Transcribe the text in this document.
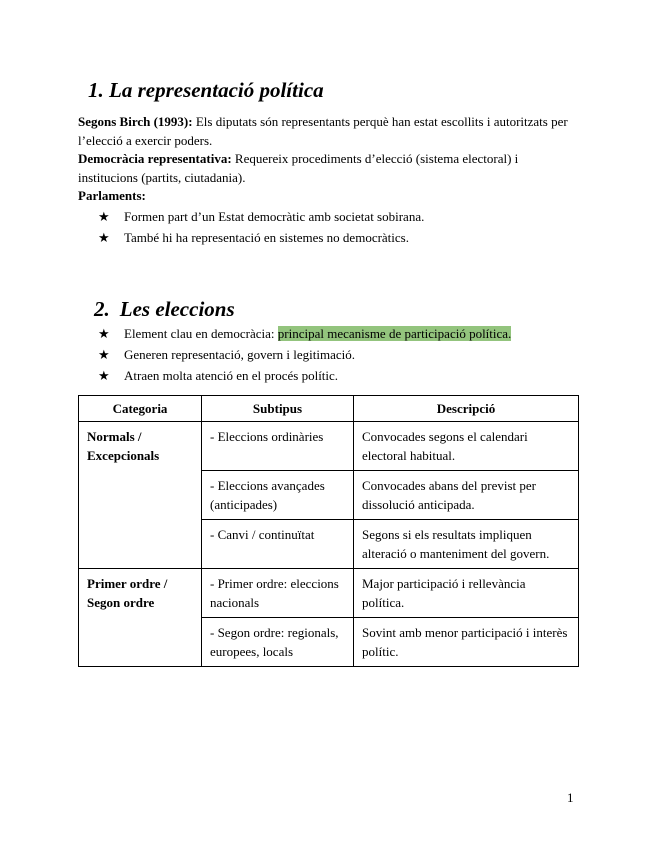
1. La representació política

Segons Birch (1993): Els diputats són representants perquè han estat escollits i autoritzats per l’elecció a exercir poders.

Democràcia representativa: Requereix procediments d’elecció (sistema electoral) i institucions (partits, ciutadania).

Parlaments:

★	Formen part d’un Estat democràtic amb societat sobirana.
★	També hi ha representació en sistemes no democràtics.
2. Les eleccions
★	Element clau en democràcia: principal mecanisme de participació política.
★	Generen representació, govern i legitimació.
★	Atraen molta atenció en el procés polític.
Categoria	Subtipus	Descripció
Normals / Excepcionals	- Eleccions ordinàries	Convocades segons el calendari electoral habitual.
	- Eleccions avançades (anticipades)	Convocades abans del previst per dissolució anticipada.
	- Canvi / continuïtat	Segons si els resultats impliquen alteració o manteniment del govern.
Primer ordre / Segon ordre	- Primer ordre: eleccions nacionals	Major participació i rellevància política.
	- Segon ordre: regionals, europees, locals	Sovint amb menor participació i interès polític.
1
